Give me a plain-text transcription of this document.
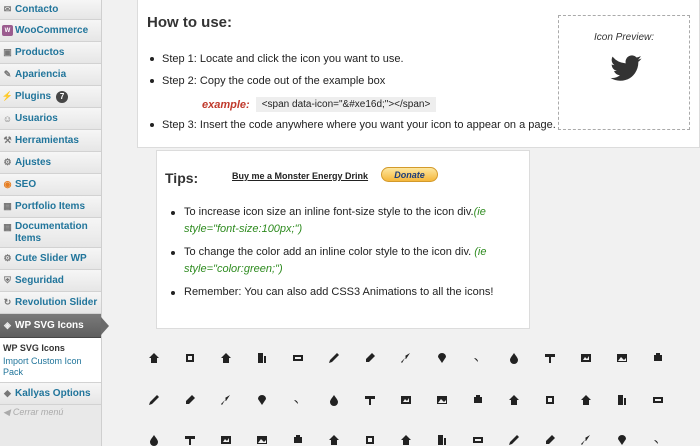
✉ Contacto
W WooCommerce
▣ Productos
✎ Apariencia
⚡ Plugins	7
☺ Usuarios
⚒ Herramientas
⚙ Ajustes
◉ SEO
▦ Portfolio Items
▦ Documentation Items
⚙ Cute Slider WP
⛨ Seguridad
↻ Revolution Slider
◈ WP SVG Icons
WP SVG Icons
Import Custom Icon Pack
◆ Kallyas Options
◀ Cerrar menú
How to use:
Step 1: Locate and click the icon you want to use.
Step 2: Copy the code out of the example box
example:	<span data-icon="&#xe16d;"></span>
Step 3: Insert the code anywhere where you want your icon to appear on a page.
Icon Preview:
Tips:	Buy me a Monster Energy Drink	Donate
To increase icon size an inline font-size style to the icon div.(ie style="font-size:100px;")
To change the color add an inline color style to the icon div. (ie style="color:green;")
Remember: You can also add CSS3 Animations to all the icons!
